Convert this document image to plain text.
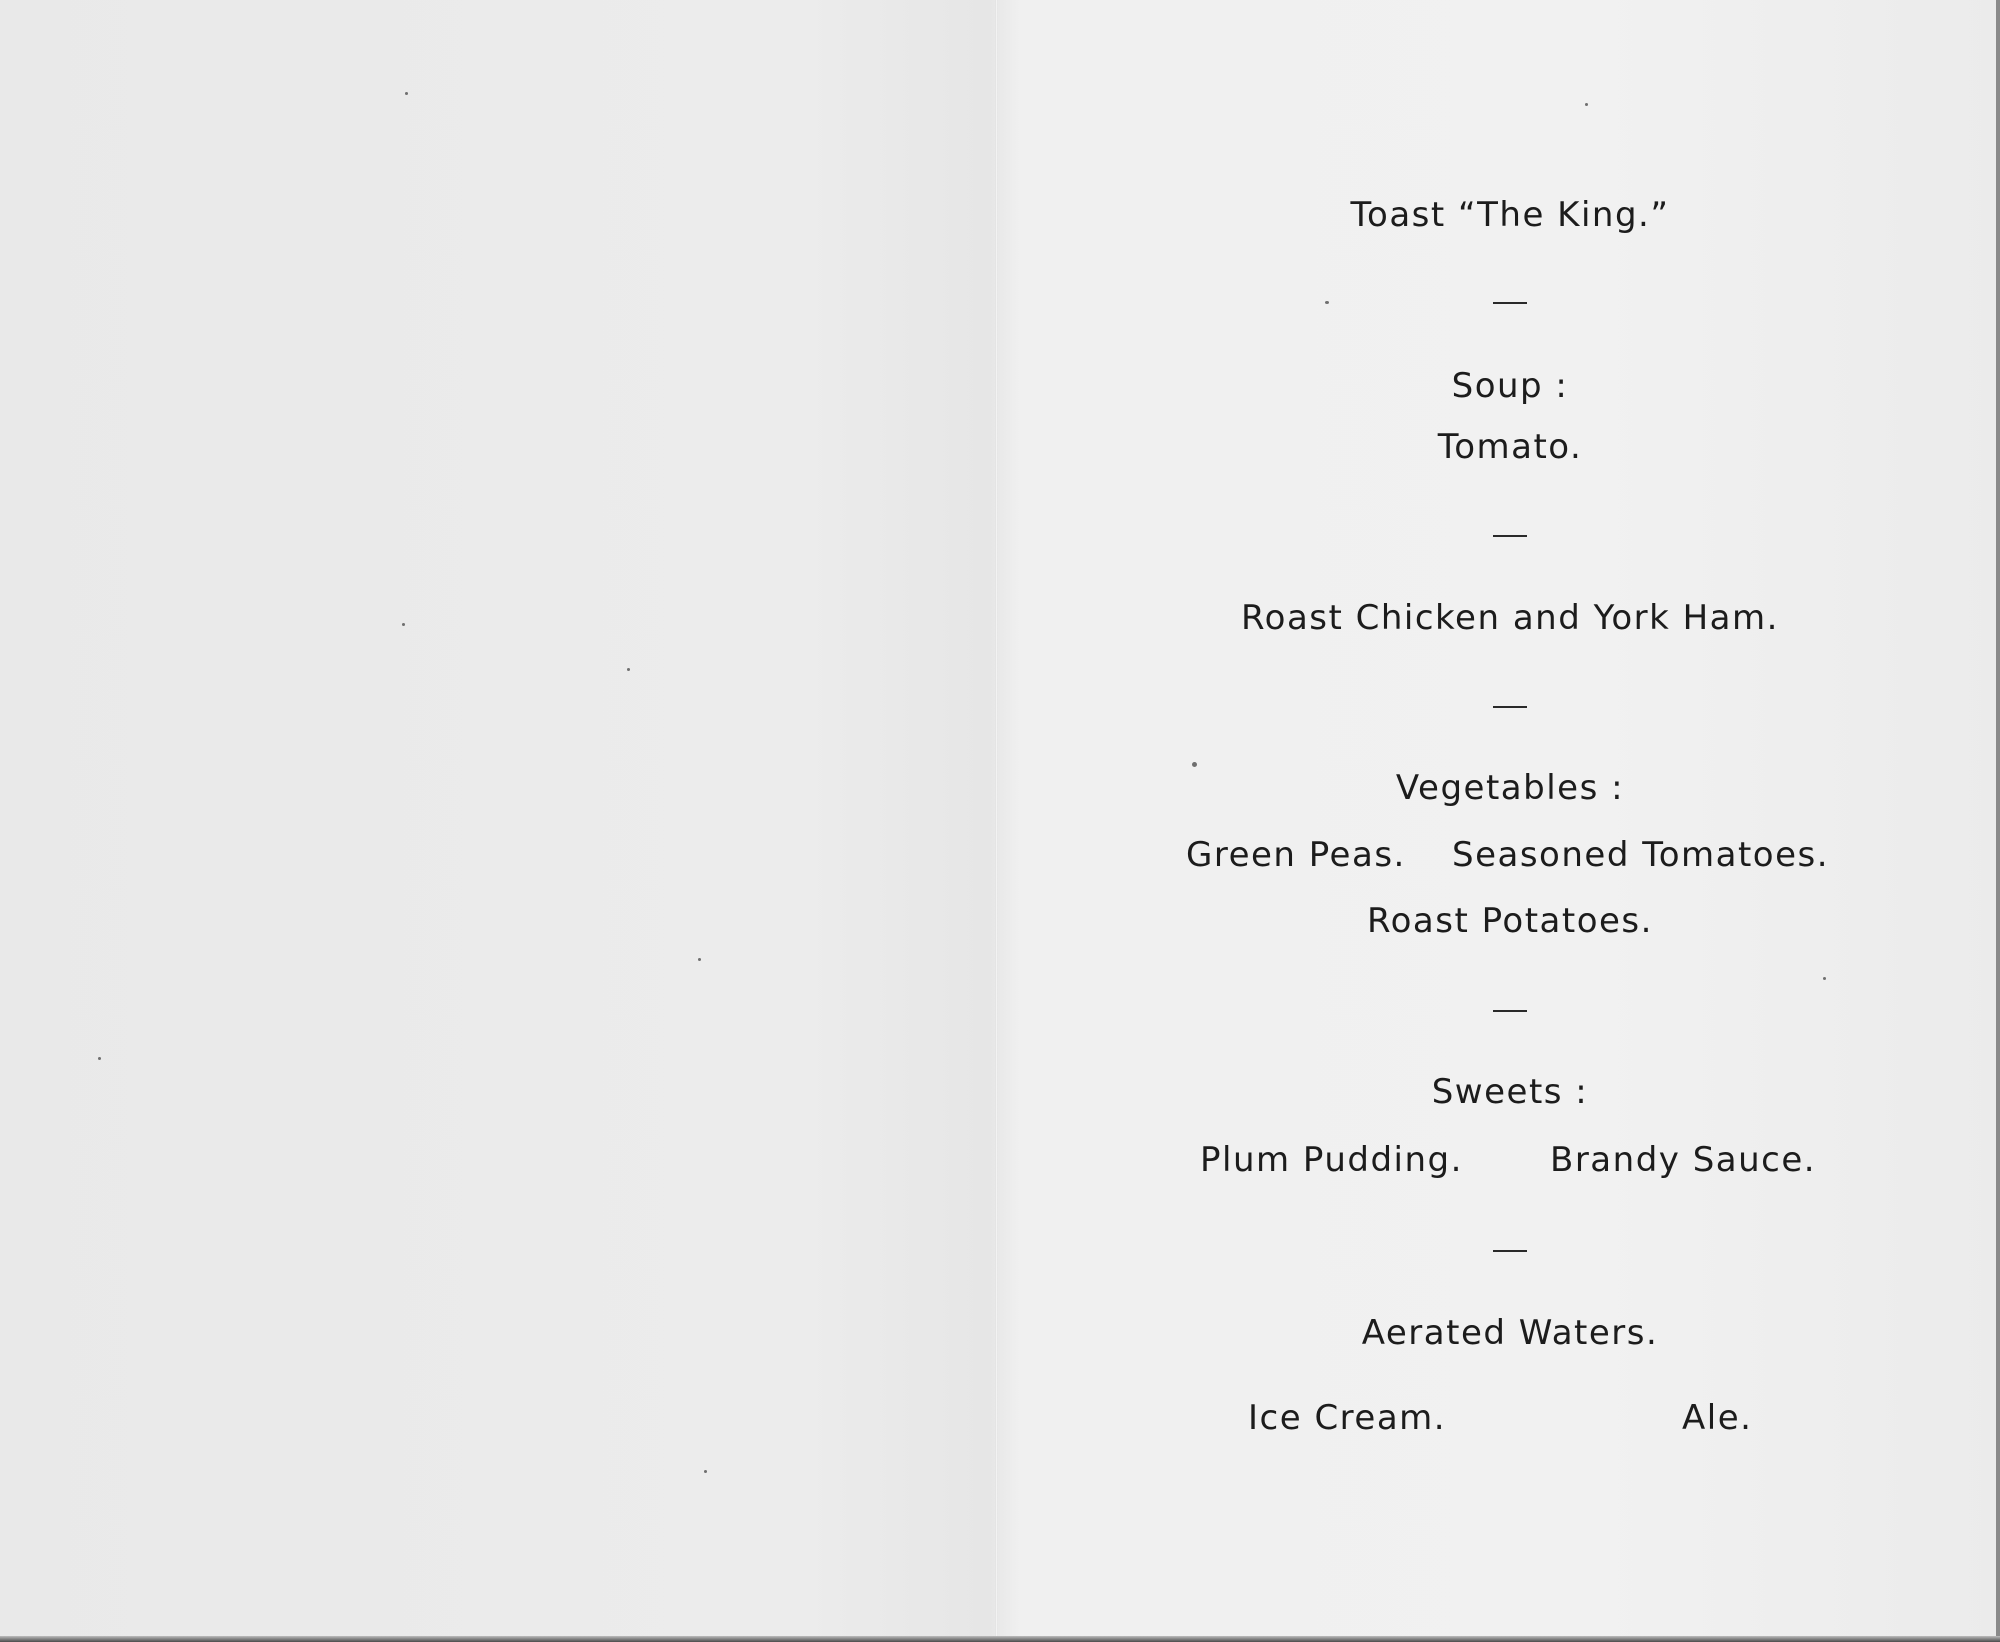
Toast “The King.”
Soup :
Tomato.
Roast Chicken and York Ham.
Vegetables :
Green Peas. Seasoned Tomatoes.
Roast Potatoes.
Sweets :
Plum Pudding.	Brandy Sauce.
Aerated Waters.
Ice Cream.	Ale.
